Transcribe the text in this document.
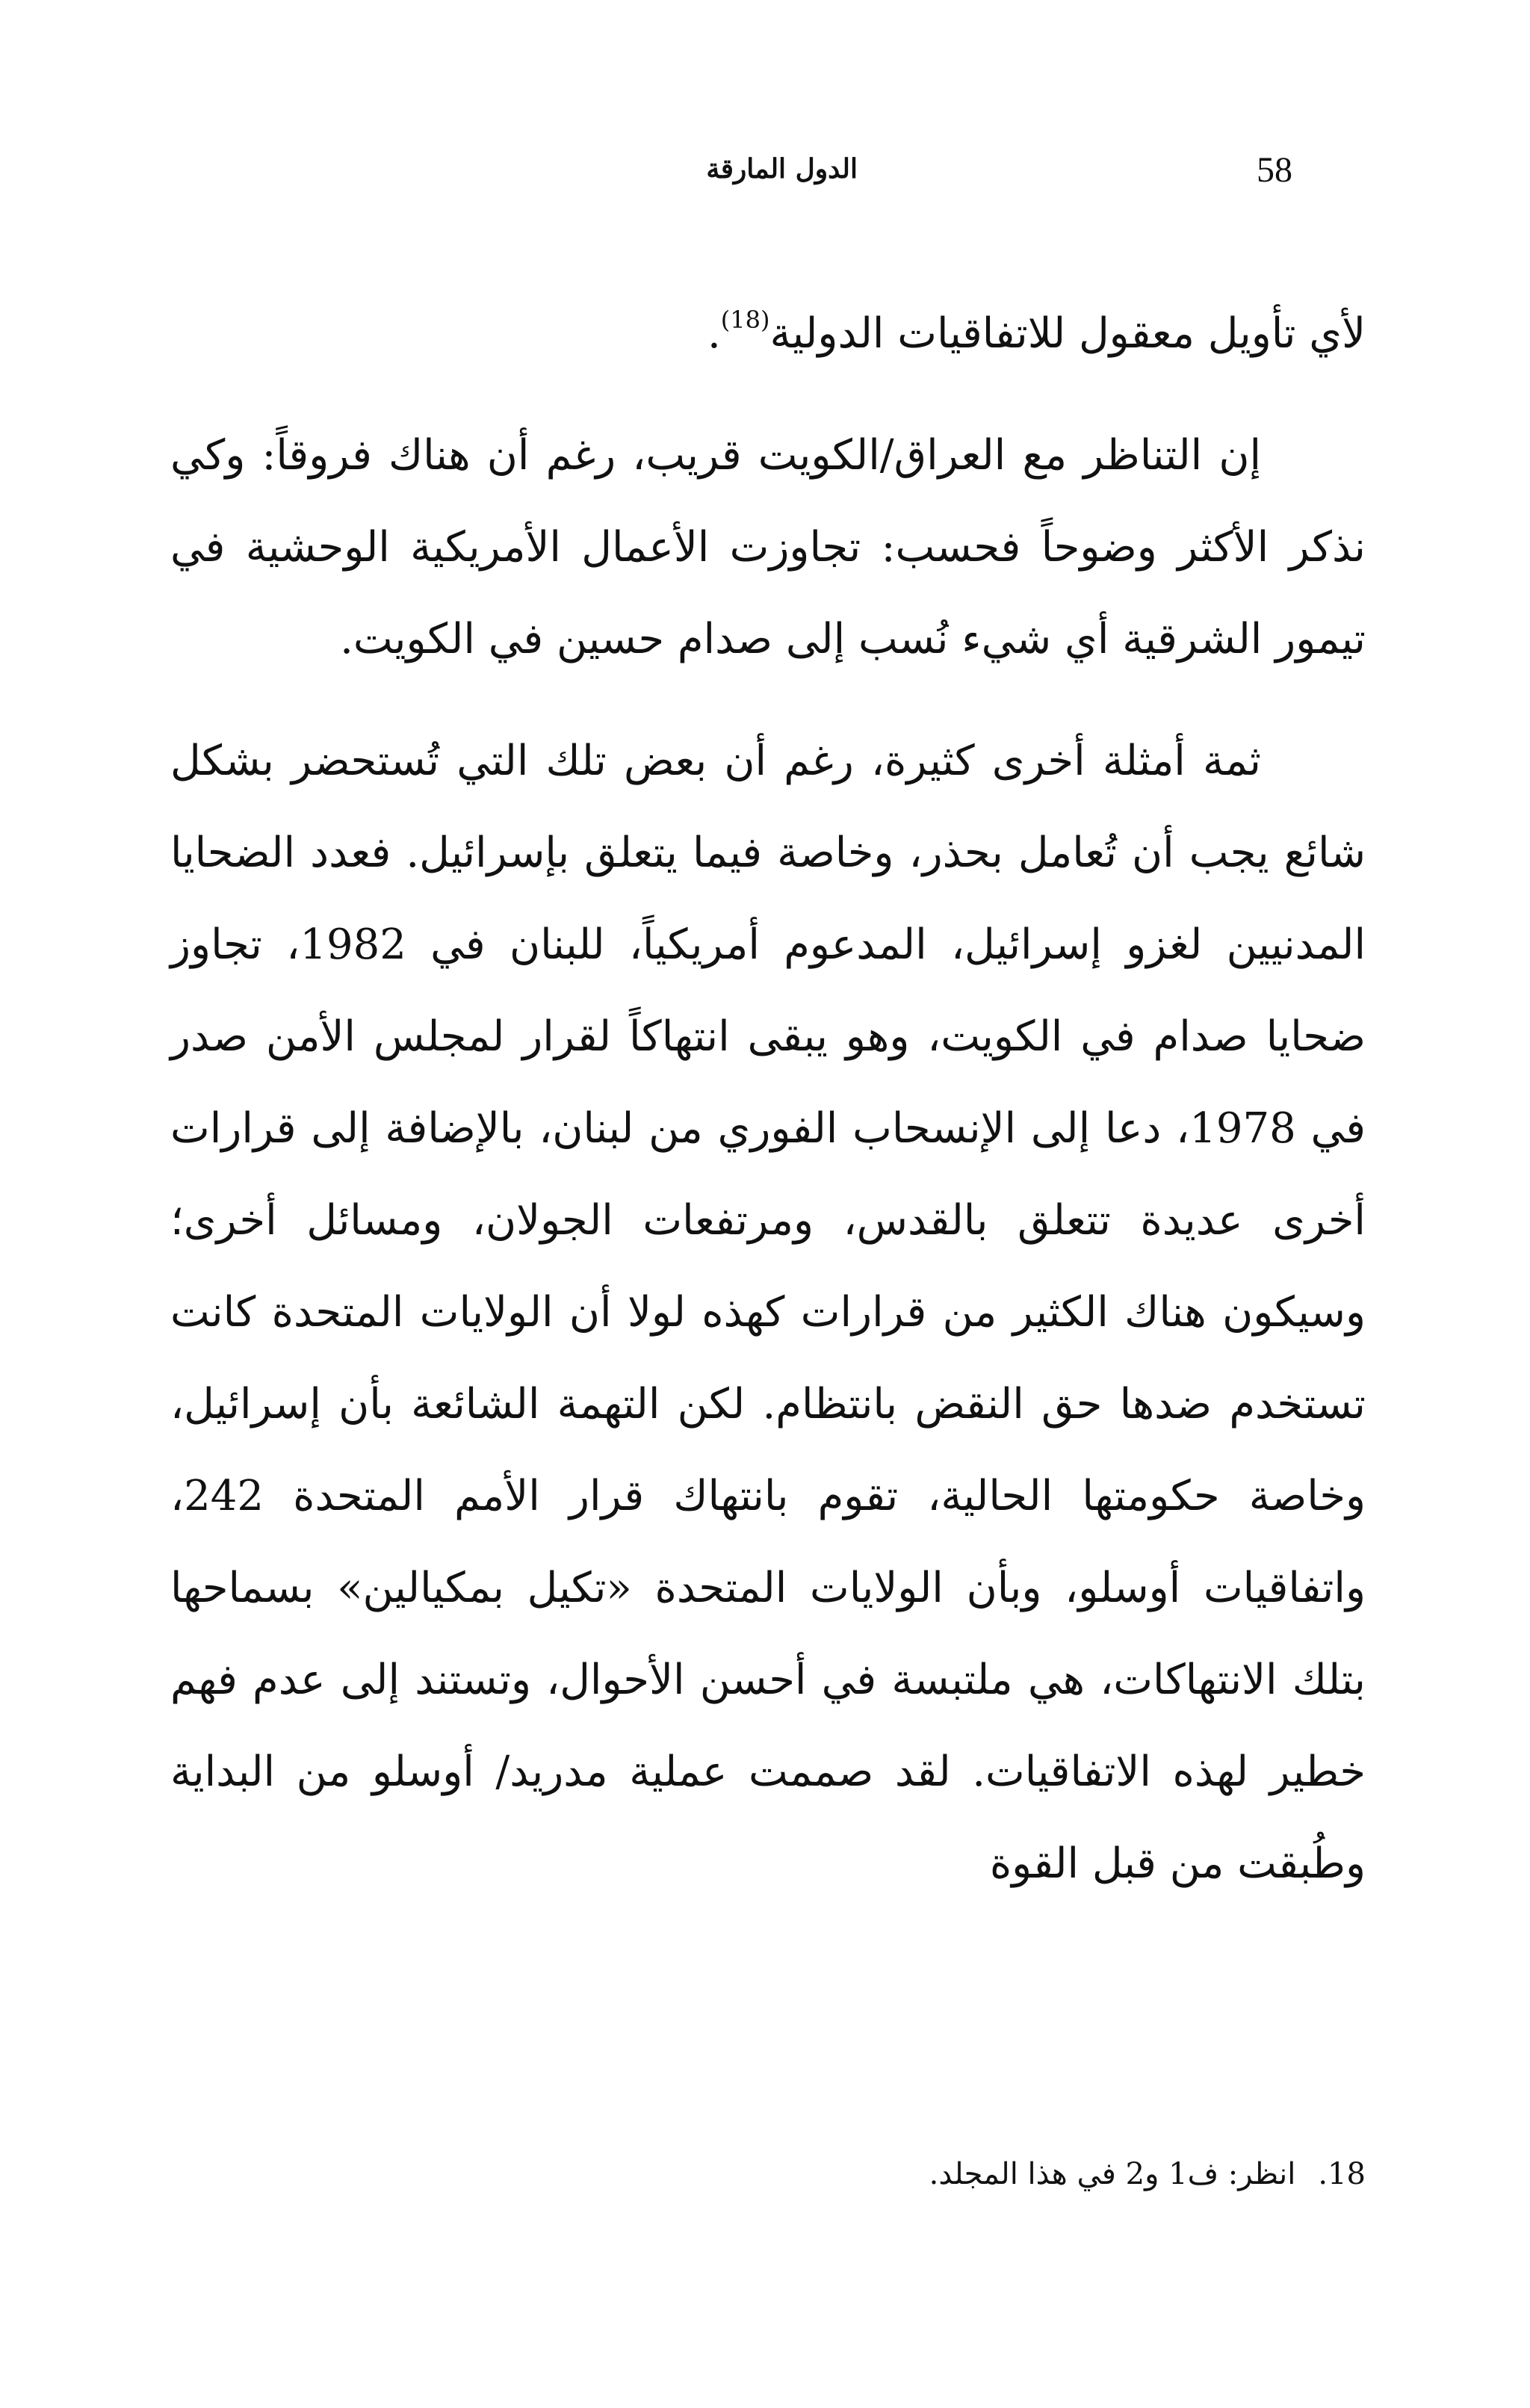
58
الدول المارقة

لأي تأويل معقول للاتفاقيات الدولية$^{(18)}$.

إن التناظر مع العراق/الكويت قريب، رغم أن هناك فروقاً: وكي نذكر الأكثر وضوحاً فحسب: تجاوزت الأعمال الأمريكية الوحشية في تيمور الشرقية أي شيء نُسب إلى صدام حسين في الكويت.

ثمة أمثلة أخرى كثيرة، رغم أن بعض تلك التي تُستحضر بشكل شائع يجب أن تُعامل بحذر، وخاصة فيما يتعلق بإسرائيل. فعدد الضحايا المدنيين لغزو إسرائيل، المدعوم أمريكياً، للبنان في 1982، تجاوز ضحايا صدام في الكويت، وهو يبقى انتهاكاً لقرار لمجلس الأمن صدر في 1978، دعا إلى الإنسحاب الفوري من لبنان، بالإضافة إلى قرارات أخرى عديدة تتعلق بالقدس، ومرتفعات الجولان، ومسائل أخرى؛ وسيكون هناك الكثير من قرارات كهذه لولا أن الولايات المتحدة كانت تستخدم ضدها حق النقض بانتظام. لكن التهمة الشائعة بأن إسرائيل، وخاصة حكومتها الحالية، تقوم بانتهاك قرار الأمم المتحدة 242، واتفاقيات أوسلو، وبأن الولايات المتحدة «تكيل بمكيالين» بسماحها بتلك الانتهاكات، هي ملتبسة في أحسن الأحوال، وتستند إلى عدم فهم خطير لهذه الاتفاقيات. لقد صممت عملية مدريد/ أوسلو من البداية وطُبقت من قبل القوة

18.انظر: ف1 و2 في هذا المجلد.
